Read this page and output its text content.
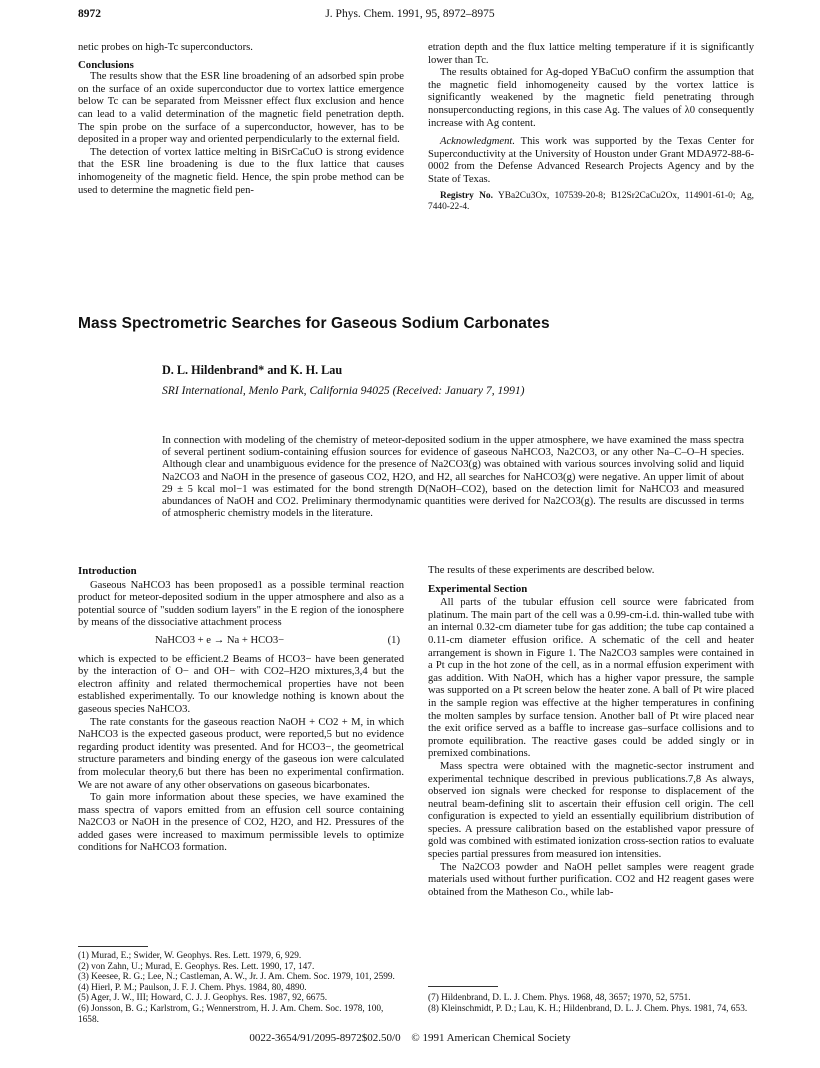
8972	J. Phys. Chem. 1991, 95, 8972–8975

netic probes on high-Tc superconductors.

Conclusions

The results show that the ESR line broadening of an adsorbed spin probe on the surface of an oxide superconductor due to vortex lattice emergence below Tc can be separated from Meissner effect flux exclusion and hence can lead to a valid determination of the magnetic field penetration depth. The spin probe on the surface of a superconductor, however, has to be deposited in a proper way and oriented perpendicularly to the external field.

The detection of vortex lattice melting in BiSrCaCuO is strong evidence that the ESR line broadening is due to the flux lattice that causes inhomogeneity of the magnetic field. Hence, the spin probe method can be used to determine the magnetic field pen-

etration depth and the flux lattice melting temperature if it is significantly lower than Tc.

The results obtained for Ag-doped YBaCuO confirm the assumption that the magnetic field inhomogeneity caused by the vortex lattice is significantly weakened by the magnetic field penetrating through nonsuperconducting regions, in this case Ag. The values of λ0 consequently increase with Ag content.

Acknowledgment. This work was supported by the Texas Center for Superconductivity at the University of Houston under Grant MDA972-88-6-0002 from the Defense Advanced Research Projects Agency and by the State of Texas.

Registry No. YBa2Cu3Ox, 107539-20-8; B12Sr2CaCu2Ox, 114901-61-0; Ag, 7440-22-4.

Mass Spectrometric Searches for Gaseous Sodium Carbonates
D. L. Hildenbrand* and K. H. Lau
SRI International, Menlo Park, California 94025 (Received: January 7, 1991)

In connection with modeling of the chemistry of meteor-deposited sodium in the upper atmosphere, we have examined the mass spectra of several pertinent sodium-containing effusion sources for evidence of gaseous NaHCO3, Na2CO3, or any other Na–C–O–H species. Although clear and unambiguous evidence for the presence of Na2CO3(g) was obtained with various sources involving solid and liquid Na2CO3 and NaOH in the presence of gaseous CO2, H2O, and H2, all searches for NaHCO3(g) were negative. An upper limit of about 29 ± 5 kcal mol−1 was estimated for the bond strength D(NaOH–CO2), based on the detection limit for NaHCO3 and measured abundances of NaOH and CO2. Preliminary thermodynamic quantities were derived for Na2CO3(g). The results are discussed in terms of atmospheric chemistry models in the literature.

Introduction

Gaseous NaHCO3 has been proposed1 as a possible terminal reaction product for meteor-deposited sodium in the upper atmosphere and also as a potential source of "sudden sodium layers" in the E region of the ionosphere by means of the dissociative attachment process

NaHCO3 + e → Na + HCO3−	(1)

which is expected to be efficient.2 Beams of HCO3− have been generated by the interaction of O− and OH− with CO2–H2O mixtures,3,4 but the electron affinity and related thermochemical properties have not been established experimentally. To our knowledge nothing is known about the gaseous species NaHCO3.

The rate constants for the gaseous reaction NaOH + CO2 + M, in which NaHCO3 is the expected gaseous product, were reported,5 but no evidence regarding product identity was presented. And for HCO3−, the geometrical structure parameters and binding energy of the gaseous ion were calculated from molecular theory,6 but there has been no experimental confirmation. We are not aware of any other observations on gaseous bicarbonates.

To gain more information about these species, we have examined the mass spectra of vapors emitted from an effusion cell source containing Na2CO3 or NaOH in the presence of CO2, H2O, and H2. Pressures of the added gases were increased to maximum permissible levels to optimize conditions for NaHCO3 formation.

The results of these experiments are described below.

Experimental Section

All parts of the tubular effusion cell source were fabricated from platinum. The main part of the cell was a 0.99-cm-i.d. thin-walled tube with an internal 0.32-cm diameter tube for gas addition; the tube cap contained a 0.11-cm diameter effusion orifice. A schematic of the cell and heater arrangement is shown in Figure 1. The Na2CO3 samples were contained in a Pt cup in the hot zone of the cell, as in a normal effusion experiment with gas addition. With NaOH, which has a higher vapor pressure, the sample was supported on a Pt screen below the heater zone. A ball of Pt wire placed in the sample region was effective at the higher temperatures in confining the molten samples by surface tension. Another ball of Pt wire placed near the exit orifice served as a baffle to increase gas–surface collisions and to promote equilibration. The reactive gases could be added singly or in premixed combinations.

Mass spectra were obtained with the magnetic-sector instrument and experimental technique described in previous publications.7,8 As always, observed ion signals were checked for response to displacement of the neutral beam-defining slit to ascertain their effusion cell origin. The cell configuration is expected to yield an essentially equilibrium distribution of species. A pressure calibration based on the established vapor pressure of gold was combined with estimated ionization cross-section ratios to evaluate species partial pressures from measured ion intensities.

The Na2CO3 powder and NaOH pellet samples were reagent grade materials used without further purification. CO2 and H2 reagent gases were obtained from the Matheson Co., while lab-

(1) Murad, E.; Swider, W. Geophys. Res. Lett. 1979, 6, 929.
(2) von Zahn, U.; Murad, E. Geophys. Res. Lett. 1990, 17, 147.
(3) Keesee, R. G.; Lee, N.; Castleman, A. W., Jr. J. Am. Chem. Soc. 1979, 101, 2599.
(4) Hierl, P. M.; Paulson, J. F. J. Chem. Phys. 1984, 80, 4890.
(5) Ager, J. W., III; Howard, C. J. J. Geophys. Res. 1987, 92, 6675.
(6) Jonsson, B. G.; Karlstrom, G.; Wennerstrom, H. J. Am. Chem. Soc. 1978, 100, 1658.
(7) Hildenbrand, D. L. J. Chem. Phys. 1968, 48, 3657; 1970, 52, 5751.
(8) Kleinschmidt, P. D.; Lau, K. H.; Hildenbrand, D. L. J. Chem. Phys. 1981, 74, 653.
0022-3654/91/2095-8972$02.50/0 © 1991 American Chemical Society
